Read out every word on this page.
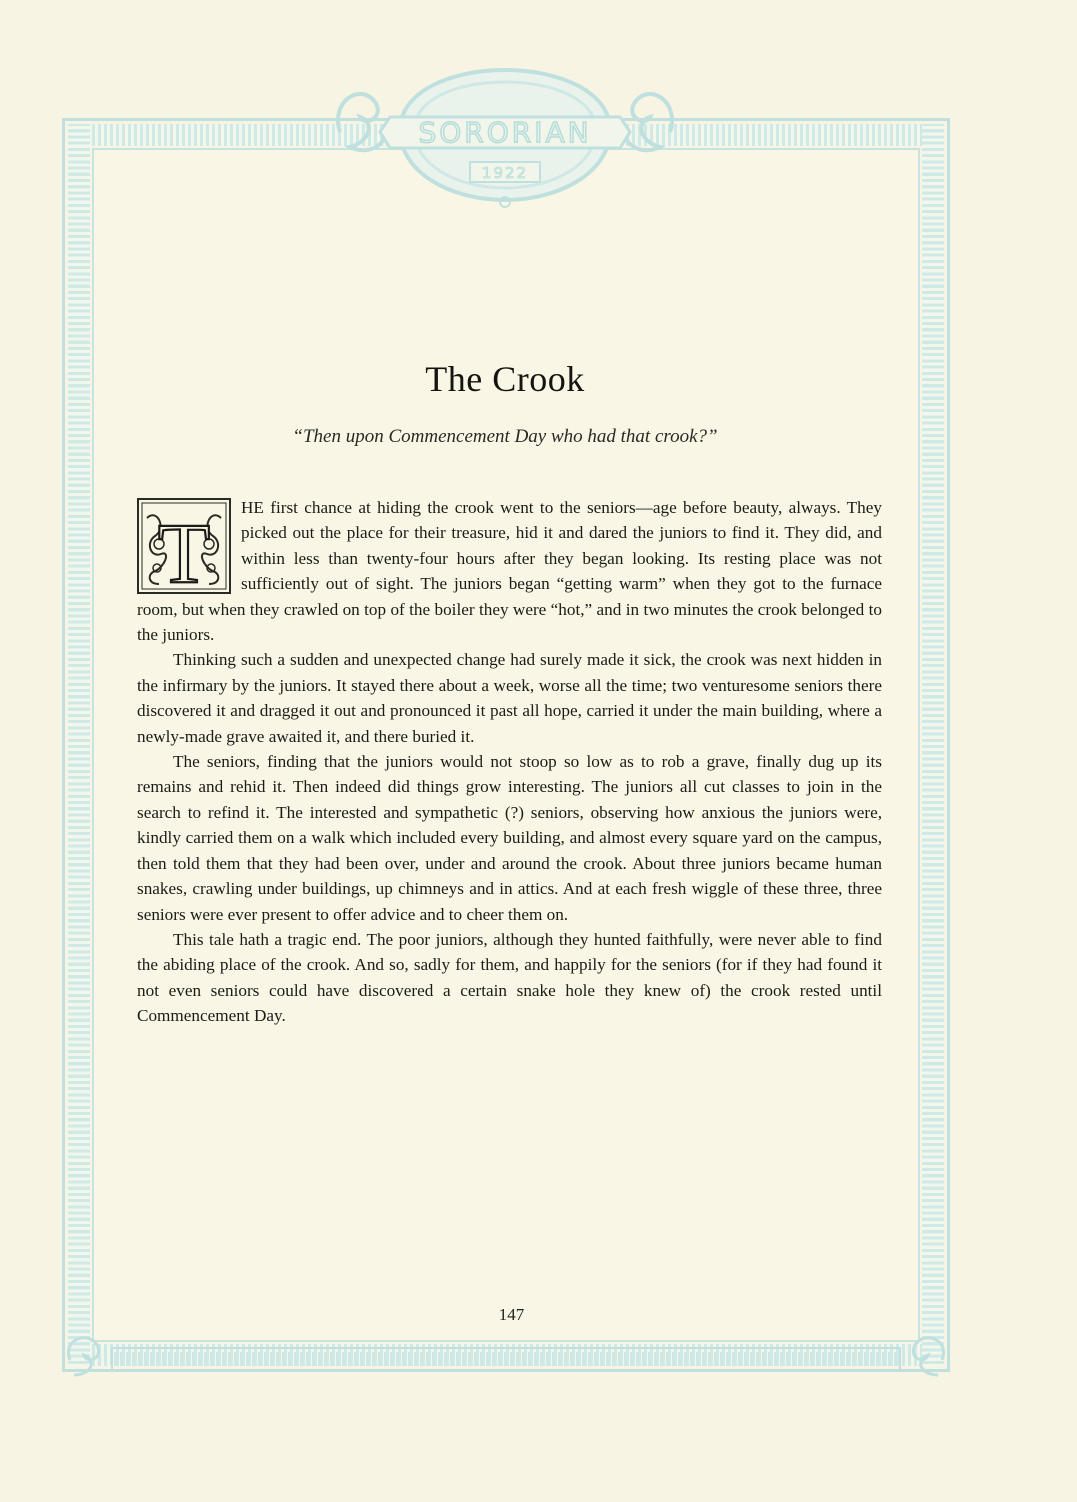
SORORIAN
1922
The Crook
“Then upon Commencement Day who had that crook?”
T	HE first chance at hiding the crook went to the seniors—age before beauty, always. They picked out the place for their treasure, hid it and dared the juniors to find it. They did, and within less than twenty-four hours after they began looking. Its resting place was not sufficiently out of sight. The juniors began “getting warm” when they got to the furnace room, but when they crawled on top of the boiler they were “hot,” and in two minutes the crook belonged to the juniors.

Thinking such a sudden and unexpected change had surely made it sick, the crook was next hidden in the infirmary by the juniors. It stayed there about a week, worse all the time; two venturesome seniors there discovered it and dragged it out and pronounced it past all hope, carried it under the main building, where a newly-made grave awaited it, and there buried it.

The seniors, finding that the juniors would not stoop so low as to rob a grave, finally dug up its remains and rehid it. Then indeed did things grow interesting. The juniors all cut classes to join in the search to refind it. The interested and sympathetic (?) seniors, observing how anxious the juniors were, kindly carried them on a walk which included every building, and almost every square yard on the campus, then told them that they had been over, under and around the crook. About three juniors became human snakes, crawling under buildings, up chimneys and in attics. And at each fresh wiggle of these three, three seniors were ever present to offer advice and to cheer them on.

This tale hath a tragic end. The poor juniors, although they hunted faithfully, were never able to find the abiding place of the crook. And so, sadly for them, and happily for the seniors (for if they had found it not even seniors could have discovered a certain snake hole they knew of) the crook rested until Commencement Day.

147
